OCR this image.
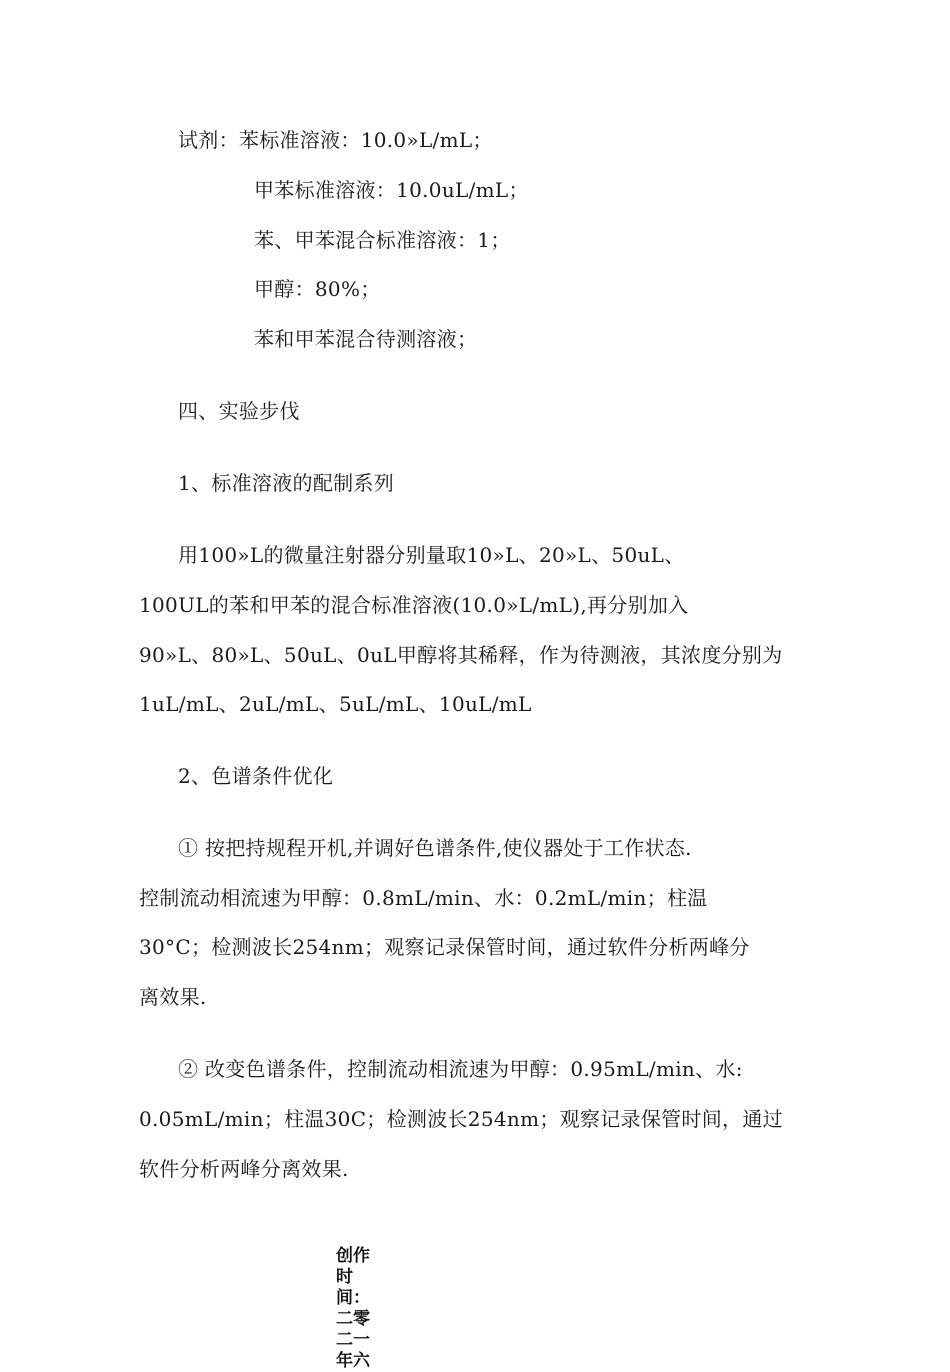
试剂：苯标准溶液：10.0»L/mL；
甲苯标准溶液：10.0uL/mL；
苯、甲苯混合标准溶液：1；
甲醇：80%；
苯和甲苯混合待测溶液；
四、实验步伐
1、标准溶液的配制系列
用100»L的微量注射器分别量取10»L、20»L、50uL、
100UL的苯和甲苯的混合标准溶液(10.0»L/mL),再分别加入
90»L、80»L、50uL、0uL甲醇将其稀释，作为待测液，其浓度分别为
1uL/mL、2uL/mL、5uL/mL、10uL/mL
2、色谱条件优化
① 按把持规程开机,并调好色谱条件,使仪器处于工作状态.
控制流动相流速为甲醇：0.8mL/min、水：0.2mL/min；柱温
30°C；检测波长254nm；观察记录保管时间，通过软件分析两峰分
离效果.
② 改变色谱条件，控制流动相流速为甲醇：0.95mL/min、水:
0.05mL/min；柱温30C；检测波长254nm；观察记录保管时间，通过
软件分析两峰分离效果.
创作时间：二零二一年六
